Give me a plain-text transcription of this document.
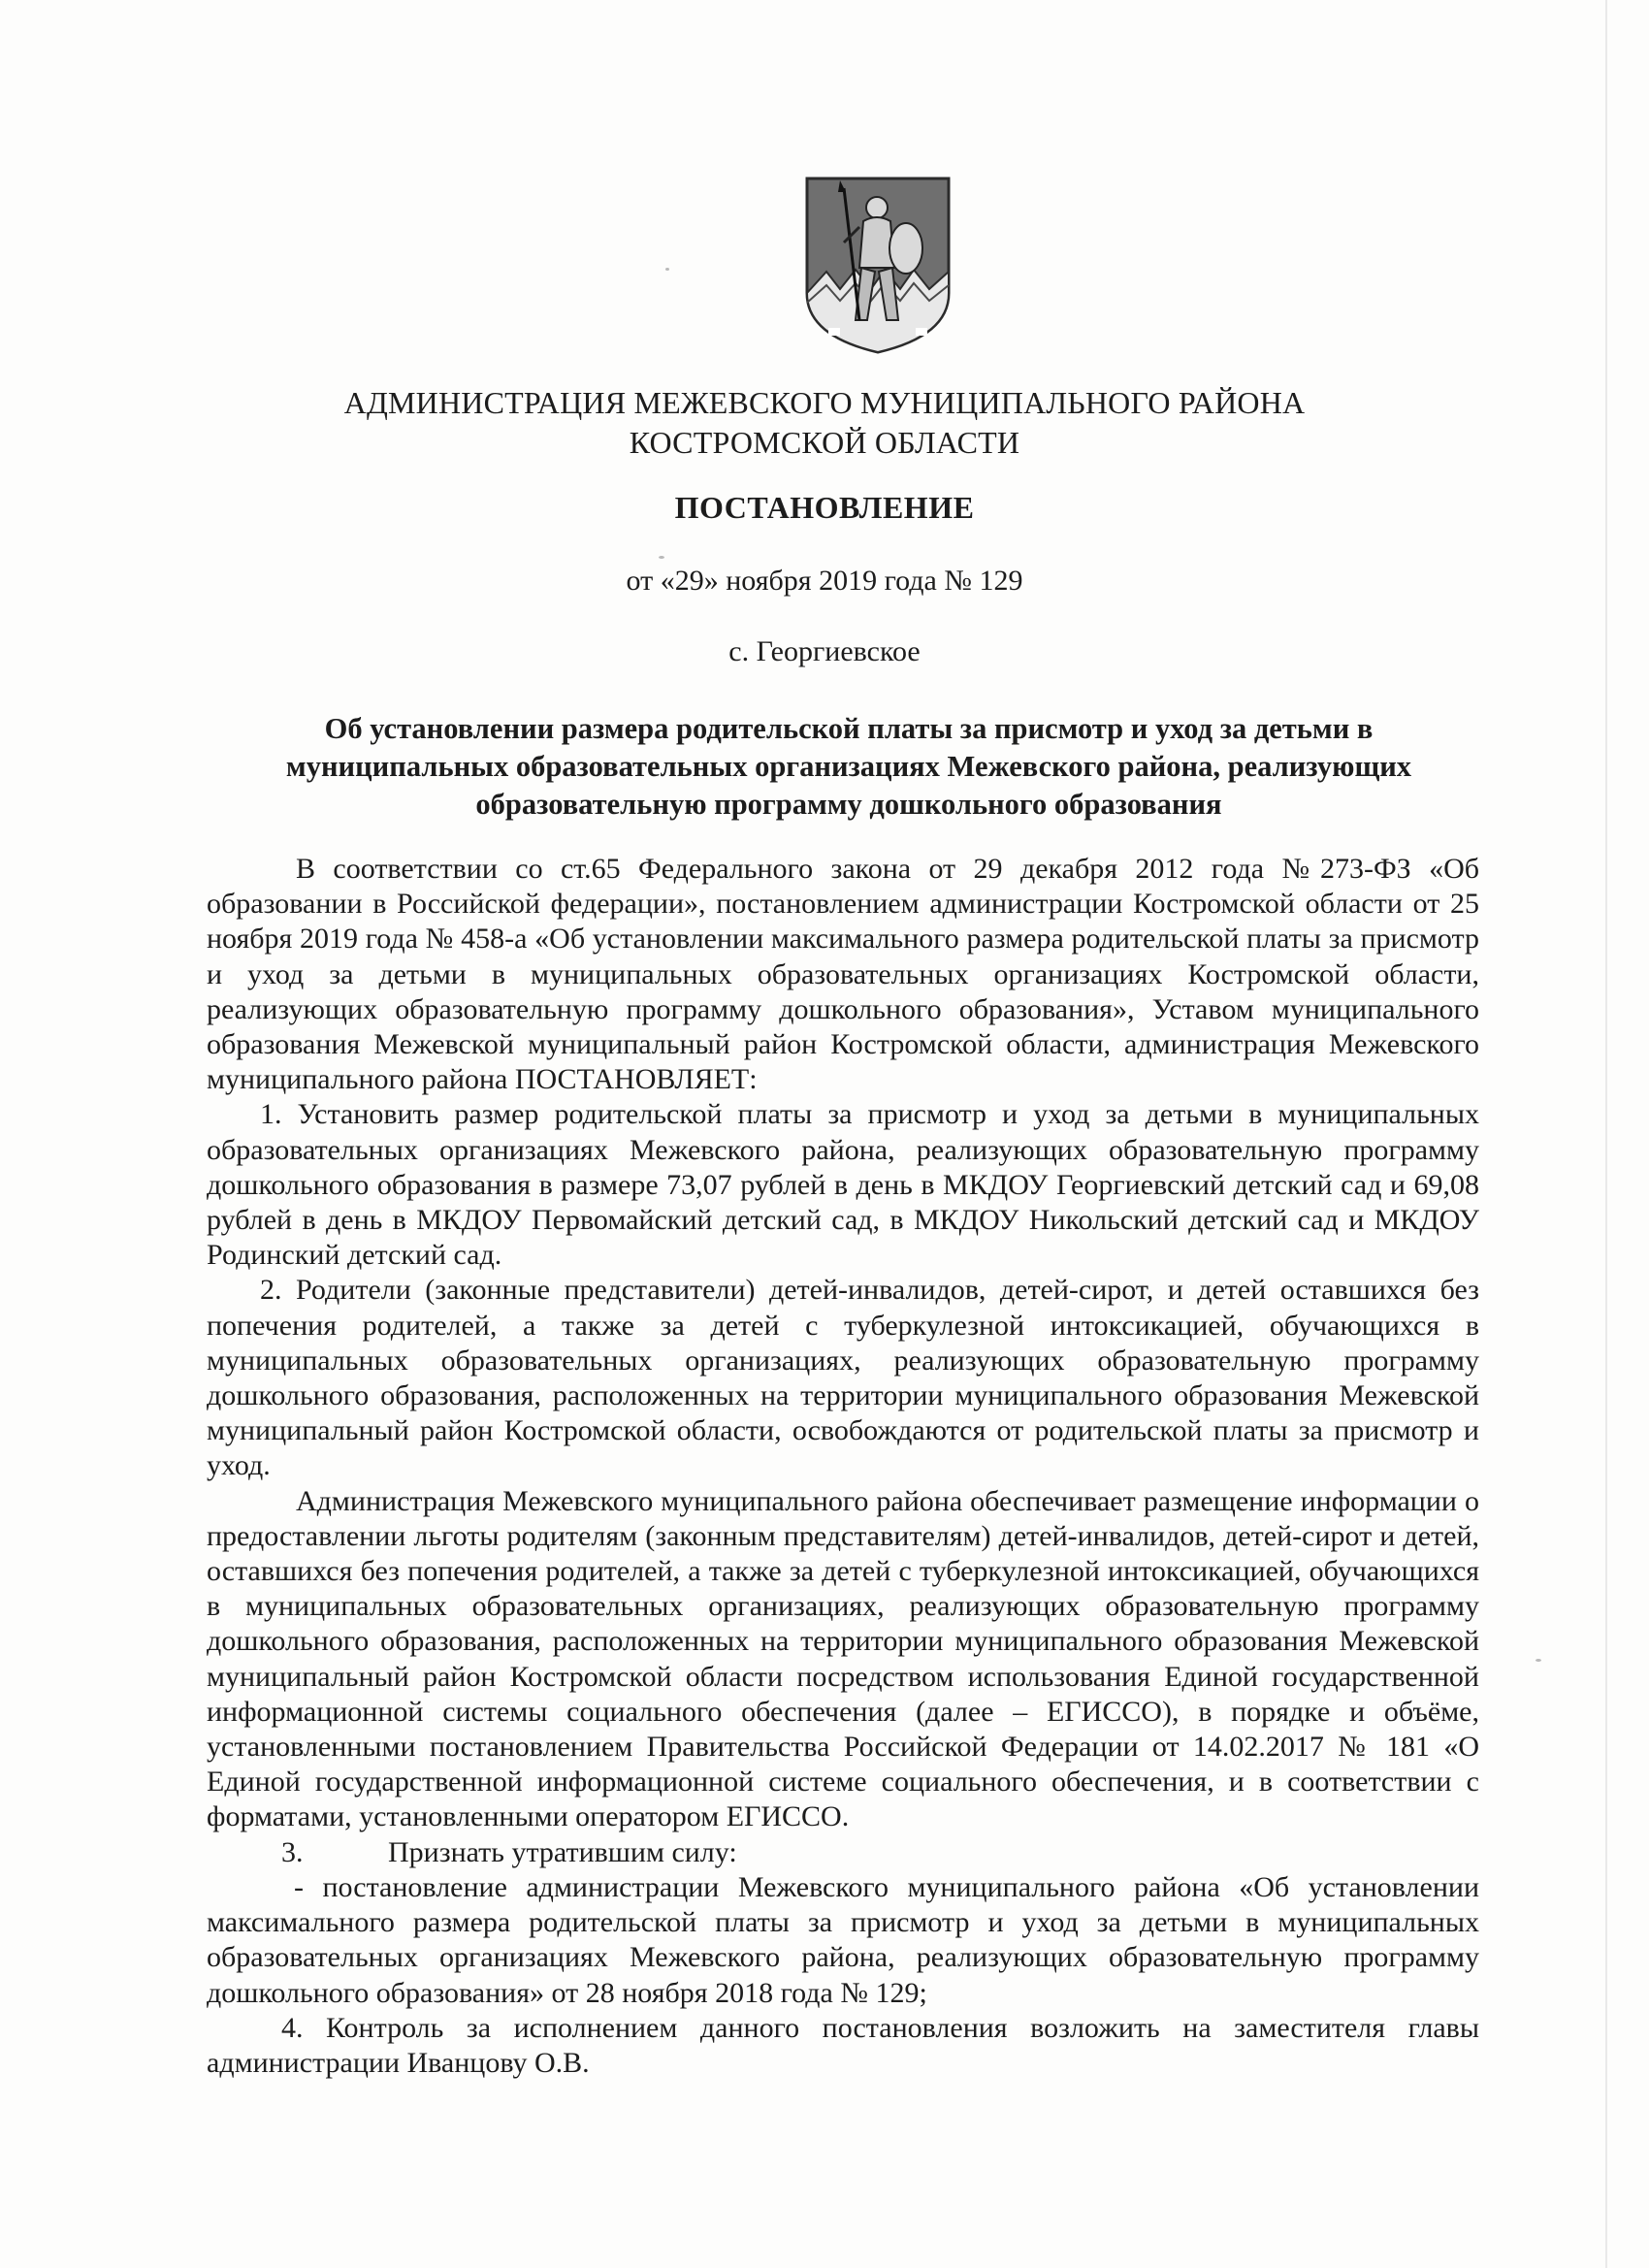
АДМИНИСТРАЦИЯ МЕЖЕВСКОГО МУНИЦИПАЛЬНОГО РАЙОНА
КОСТРОМСКОЙ ОБЛАСТИ
ПОСТАНОВЛЕНИЕ
от «29» ноября 2019 года № 129
с. Георгиевское
Об установлении размера родительской платы за присмотр и уход за детьми в муниципальных образовательных организациях Межевского района, реализующих образовательную программу дошкольного образования

В соответствии со ст.65 Федерального закона от 29 декабря 2012 года №273-ФЗ «Об образовании в Российской федерации», постановлением администрации Костромской области от 25 ноября 2019 года № 458-а «Об установлении максимального размера родительской платы за присмотр и уход за детьми в муниципальных образовательных организациях Костромской области, реализующих образовательную программу дошкольного образования», Уставом муниципального образования Межевской муниципальный район Костромской области, администрация Межевского муниципального района ПОСТАНОВЛЯЕТ:

1. Установить размер родительской платы за присмотр и уход за детьми в муниципальных образовательных организациях Межевского района, реализующих образовательную программу дошкольного образования в размере 73,07 рублей в день в МКДОУ Георгиевский детский сад и 69,08 рублей в день в МКДОУ Первомайский детский сад, в МКДОУ Никольский детский сад и МКДОУ Родинский детский сад.

2. Родители (законные представители) детей-инвалидов, детей-сирот, и детей оставшихся без попечения родителей, а также за детей с туберкулезной интоксикацией, обучающихся в муниципальных образовательных организациях, реализующих образовательную программу дошкольного образования, расположенных на территории муниципального образования Межевской муниципальный район Костромской области, освобождаются от родительской платы за присмотр и уход.

Администрация Межевского муниципального района обеспечивает размещение информации о предоставлении льготы родителям (законным представителям) детей-инвалидов, детей-сирот и детей, оставшихся без попечения родителей, а также за детей с туберкулезной интоксикацией, обучающихся в муниципальных образовательных организациях, реализующих образовательную программу дошкольного образования, расположенных на территории муниципального образования Межевской муниципальный район Костромской области посредством использования Единой государственной информационной системы социального обеспечения (далее – ЕГИССО), в порядке и объёме, установленными постановлением Правительства Российской Федерации от 14.02.2017 № 181 «О Единой государственной информационной системе социального обеспечения, и в соответствии с форматами, установленными оператором ЕГИССО.

3.	Признать утратившим силу:

- постановление администрации Межевского муниципального района «Об установлении максимального размера родительской платы за присмотр и уход за детьми в муниципальных образовательных организациях Межевского района, реализующих образовательную программу дошкольного образования» от 28 ноября 2018 года № 129;

4. Контроль за исполнением данного постановления возложить на заместителя главы администрации Иванцову О.В.
